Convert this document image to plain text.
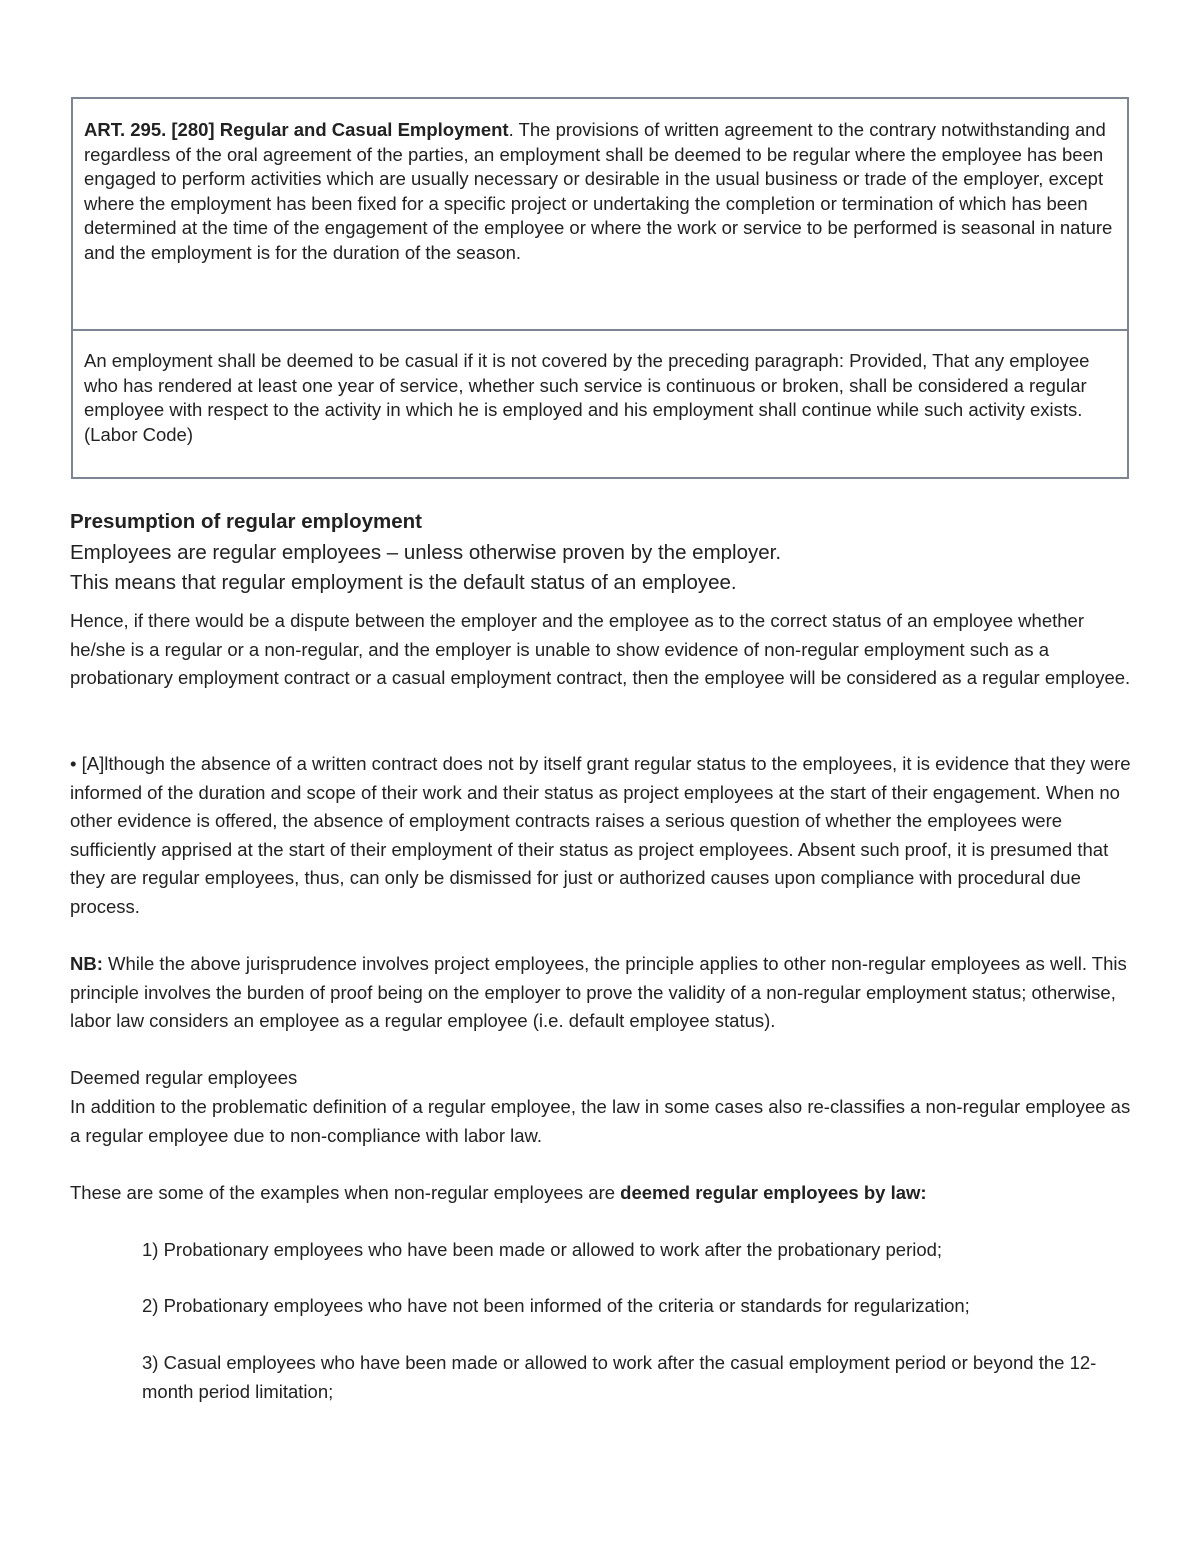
ART. 295. [280] Regular and Casual Employment. The provisions of written agreement to the contrary notwithstanding and regardless of the oral agreement of the parties, an employment shall be deemed to be regular where the employee has been engaged to perform activities which are usually necessary or desirable in the usual business or trade of the employer, except where the employment has been fixed for a specific project or undertaking the completion or termination of which has been determined at the time of the engagement of the employee or where the work or service to be performed is seasonal in nature and the employment is for the duration of the season.

An employment shall be deemed to be casual if it is not covered by the preceding paragraph: Provided, That any employee who has rendered at least one year of service, whether such service is continuous or broken, shall be considered a regular employee with respect to the activity in which he is employed and his employment shall continue while such activity exists. (Labor Code)

Presumption of regular employment

Employees are regular employees – unless otherwise proven by the employer.

This means that regular employment is the default status of an employee.

Hence, if there would be a dispute between the employer and the employee as to the correct status of an employee whether he/she is a regular or a non-regular, and the employer is unable to show evidence of non-regular employment such as a probationary employment contract or a casual employment contract, then the employee will be considered as a regular employee.

• [A]lthough the absence of a written contract does not by itself grant regular status to the employees, it is evidence that they were informed of the duration and scope of their work and their status as project employees at the start of their engagement. When no other evidence is offered, the absence of employment contracts raises a serious question of whether the employees were sufficiently apprised at the start of their employment of their status as project employees. Absent such proof, it is presumed that they are regular employees, thus, can only be dismissed for just or authorized causes upon compliance with procedural due process.

NB: While the above jurisprudence involves project employees, the principle applies to other non-regular employees as well. This principle involves the burden of proof being on the employer to prove the validity of a non-regular employment status; otherwise, labor law considers an employee as a regular employee (i.e. default employee status).

Deemed regular employees

In addition to the problematic definition of a regular employee, the law in some cases also re-classifies a non-regular employee as a regular employee due to non-compliance with labor law.

These are some of the examples when non-regular employees are deemed regular employees by law:

1) Probationary employees who have been made or allowed to work after the probationary period;

2) Probationary employees who have not been informed of the criteria or standards for regularization;

3) Casual employees who have been made or allowed to work after the casual employment period or beyond the 12-month period limitation;
